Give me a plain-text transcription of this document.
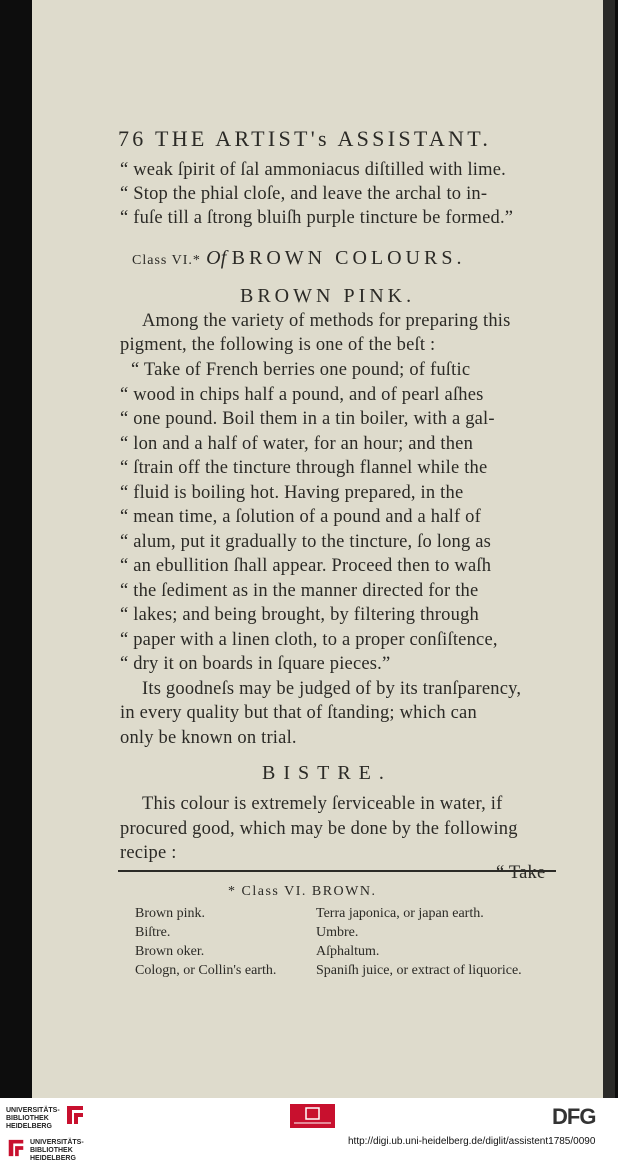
76 THE ARTIST's ASSISTANT.
“ weak ſpirit of ſal ammoniacus diſtilled with lime.
“ Stop the phial cloſe, and leave the archal to in-
“ fuſe till a ſtrong bluiſh purple tincture be formed.”
Class VI.* Of BROWN COLOURS.
BROWN PINK.
Among the variety of methods for preparing this
pigment, the following is one of the beſt :
“ Take of French berries one pound; of fuſtic
“ wood in chips half a pound, and of pearl aſhes
“ one pound. Boil them in a tin boiler, with a gal-
“ lon and a half of water, for an hour; and then
“ ſtrain off the tincture through flannel while the
“ fluid is boiling hot. Having prepared, in the
“ mean time, a ſolution of a pound and a half of
“ alum, put it gradually to the tincture, ſo long as
“ an ebullition ſhall appear. Proceed then to waſh
“ the ſediment as in the manner directed for the
“ lakes; and being brought, by filtering through
“ paper with a linen cloth, to a proper conſiſtence,
“ dry it on boards in ſquare pieces.”
Its goodneſs may be judged of by its tranſparency,
in every quality but that of ſtanding; which can
only be known on trial.
BISTRE.
This colour is extremely ſerviceable in water, if
procured good, which may be done by the following
recipe :
“ Take
* Class VI. BROWN.
Brown pink.
Biſtre.
Brown oker.
Cologn, or Collin's earth.
Terra japonica, or japan earth.
Umbre.
Aſphaltum.
Spaniſh juice, or extract of liquorice.
UNIVERSITÄTS-
BIBLIOTHEK
HEIDELBERG
UNIVERSITÄTS-
BIBLIOTHEK
HEIDELBERG
DFG
http://digi.ub.uni-heidelberg.de/diglit/assistent1785/0090
